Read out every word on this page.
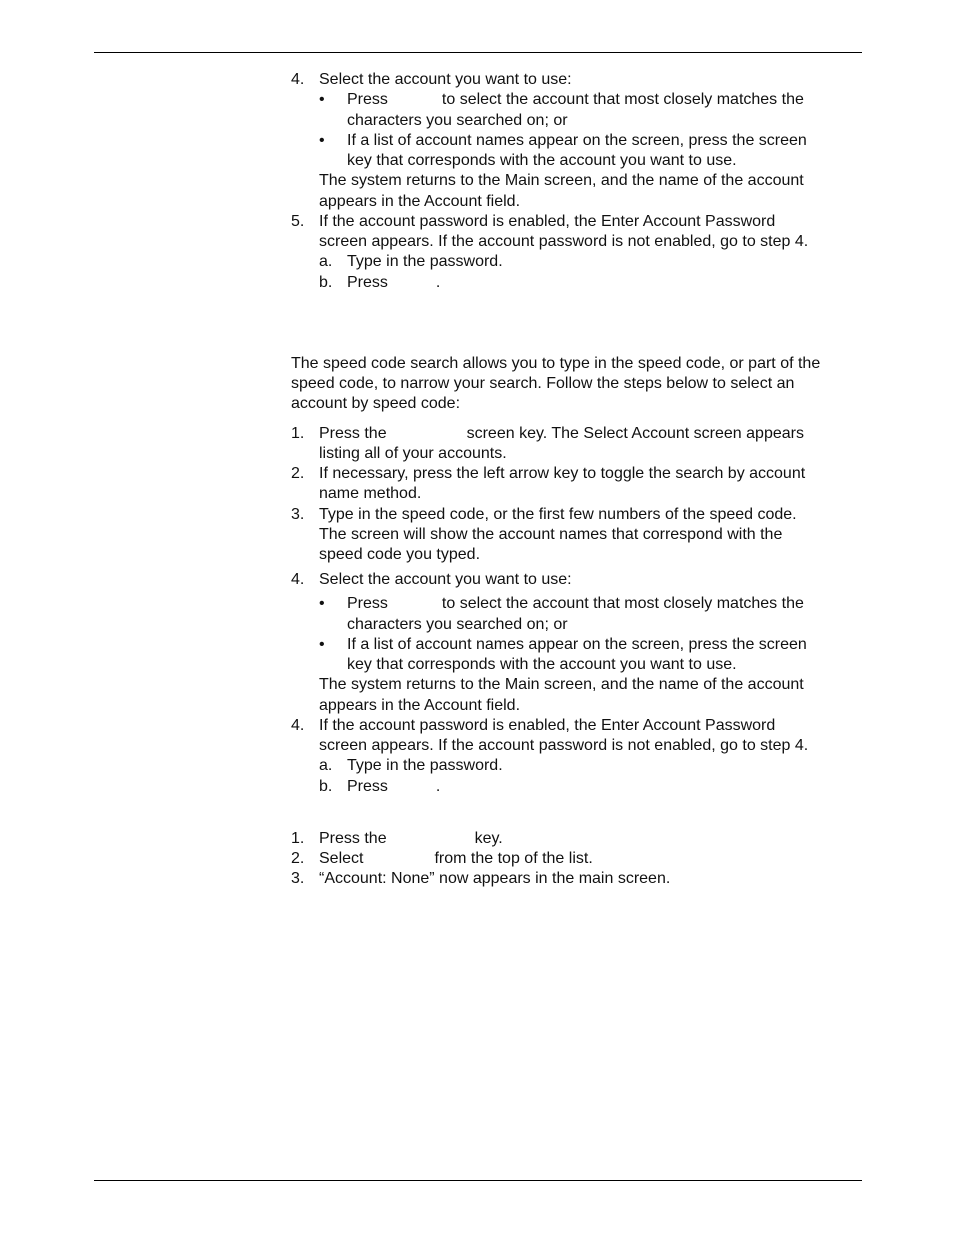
4. Select the account you want to use:
• Press	to select the account that most closely matches the
characters you searched on; or
• If a list of account names appear on the screen, press the screen
key that corresponds with the account you want to use.
The system returns to the Main screen, and the name of the account
appears in the Account field.
5. If the account password is enabled, the Enter Account Password
screen appears. If the account password is not enabled, go to step 4.
a. Type in the password.
b. Press	.
The speed code search allows you to type in the speed code, or part of the
speed code, to narrow your search. Follow the steps below to select an
account by speed code:
1. Press the	screen key. The Select Account screen appears
listing all of your accounts.
2. If necessary, press the left arrow key to toggle the search by account
name method.
3. Type in the speed code, or the first few numbers of the speed code.
The screen will show the account names that correspond with the
speed code you typed.
4. Select the account you want to use:
• Press	to select the account that most closely matches the
characters you searched on; or
• If a list of account names appear on the screen, press the screen
key that corresponds with the account you want to use.
The system returns to the Main screen, and the name of the account
appears in the Account field.
4. If the account password is enabled, the Enter Account Password
screen appears. If the account password is not enabled, go to step 4.
a. Type in the password.
b. Press	.
1. Press the	key.
2. Select	from the top of the list.
3. “Account: None” now appears in the main screen.
